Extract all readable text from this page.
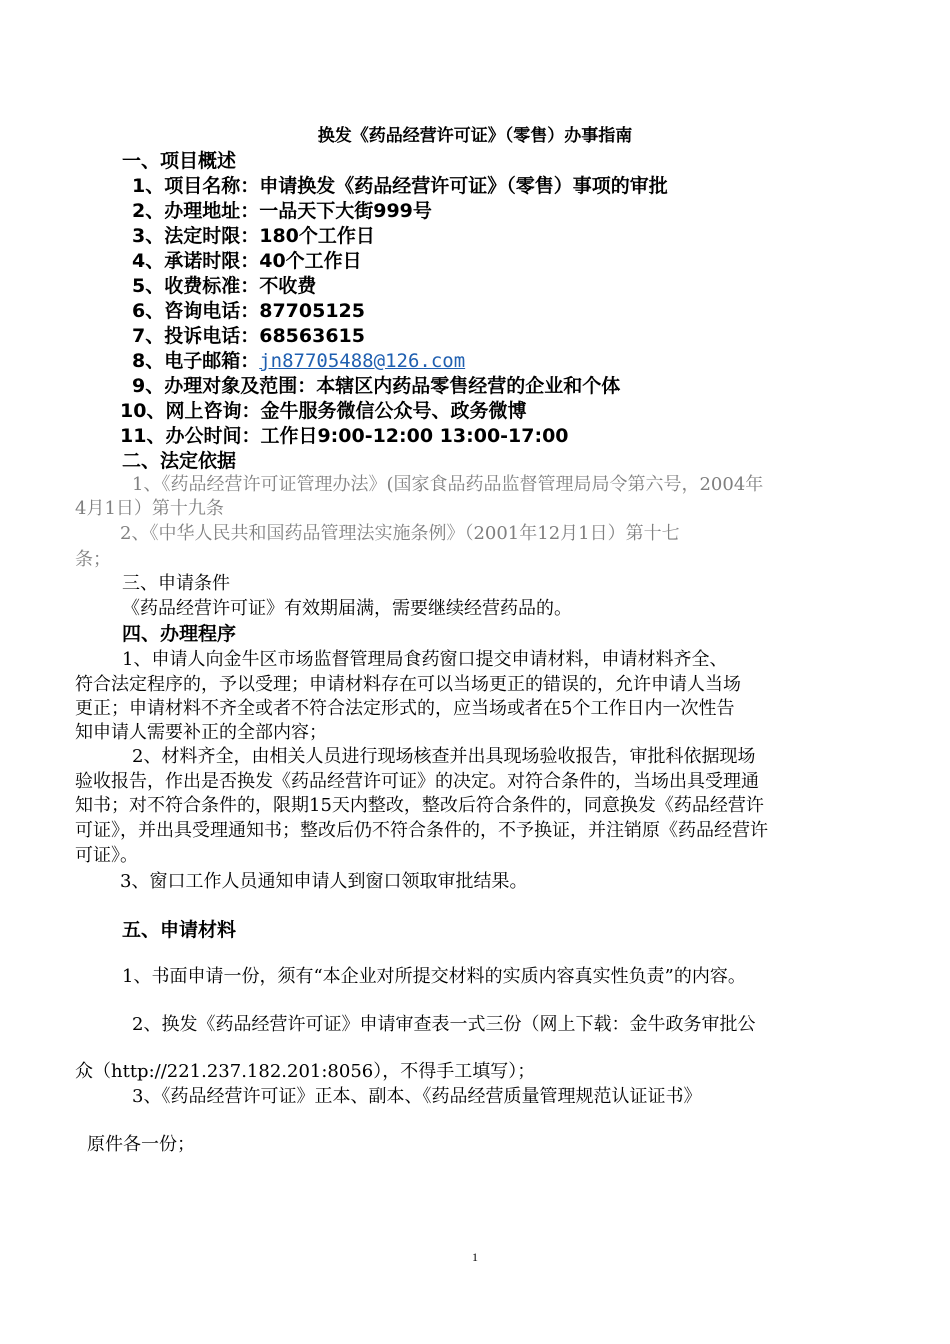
换发《药品经营许可证》（零售）办事指南
一、项目概述
1、项目名称：申请换发《药品经营许可证》（零售）事项的审批
2、办理地址：一品天下大街999号
3、法定时限：180个工作日
4、承诺时限：40个工作日
5、收费标准：不收费
6、咨询电话：87705125
7、投诉电话：68563615
8、电子邮箱：jn87705488@126.com
9、办理对象及范围：本辖区内药品零售经营的企业和个体
10、网上咨询：金牛服务微信公众号、政务微博
11、办公时间：工作日9:00-12:00 13:00-17:00
二、法定依据
1、《药品经营许可证管理办法》(国家食品药品监督管理局局令第六号，2004年
4月1日）第十九条
2、《中华人民共和国药品管理法实施条例》（2001年12月1日）第十七
条；
三、申请条件
《药品经营许可证》有效期届满，需要继续经营药品的。
四、办理程序
1、申请人向金牛区市场监督管理局食药窗口提交申请材料，申请材料齐全、
符合法定程序的，予以受理；申请材料存在可以当场更正的错误的，允许申请人当场
更正；申请材料不齐全或者不符合法定形式的，应当场或者在5个工作日内一次性告
知申请人需要补正的全部内容；
2、材料齐全，由相关人员进行现场核查并出具现场验收报告，审批科依据现场
验收报告，作出是否换发《药品经营许可证》的决定。对符合条件的，当场出具受理通
知书；对不符合条件的，限期15天内整改，整改后符合条件的，同意换发《药品经营许
可证》，并出具受理通知书；整改后仍不符合条件的，不予换证，并注销原《药品经营许
可证》。
3、窗口工作人员通知申请人到窗口领取审批结果。
五、申请材料
1、书面申请一份，须有“本企业对所提交材料的实质内容真实性负责”的内容。
2、换发《药品经营许可证》申请审查表一式三份（网上下载：金牛政务审批公
众（http://221.237.182.201:8056），不得手工填写）；
3、《药品经营许可证》正本、副本、《药品经营质量管理规范认证证书》
原件各一份；
1
